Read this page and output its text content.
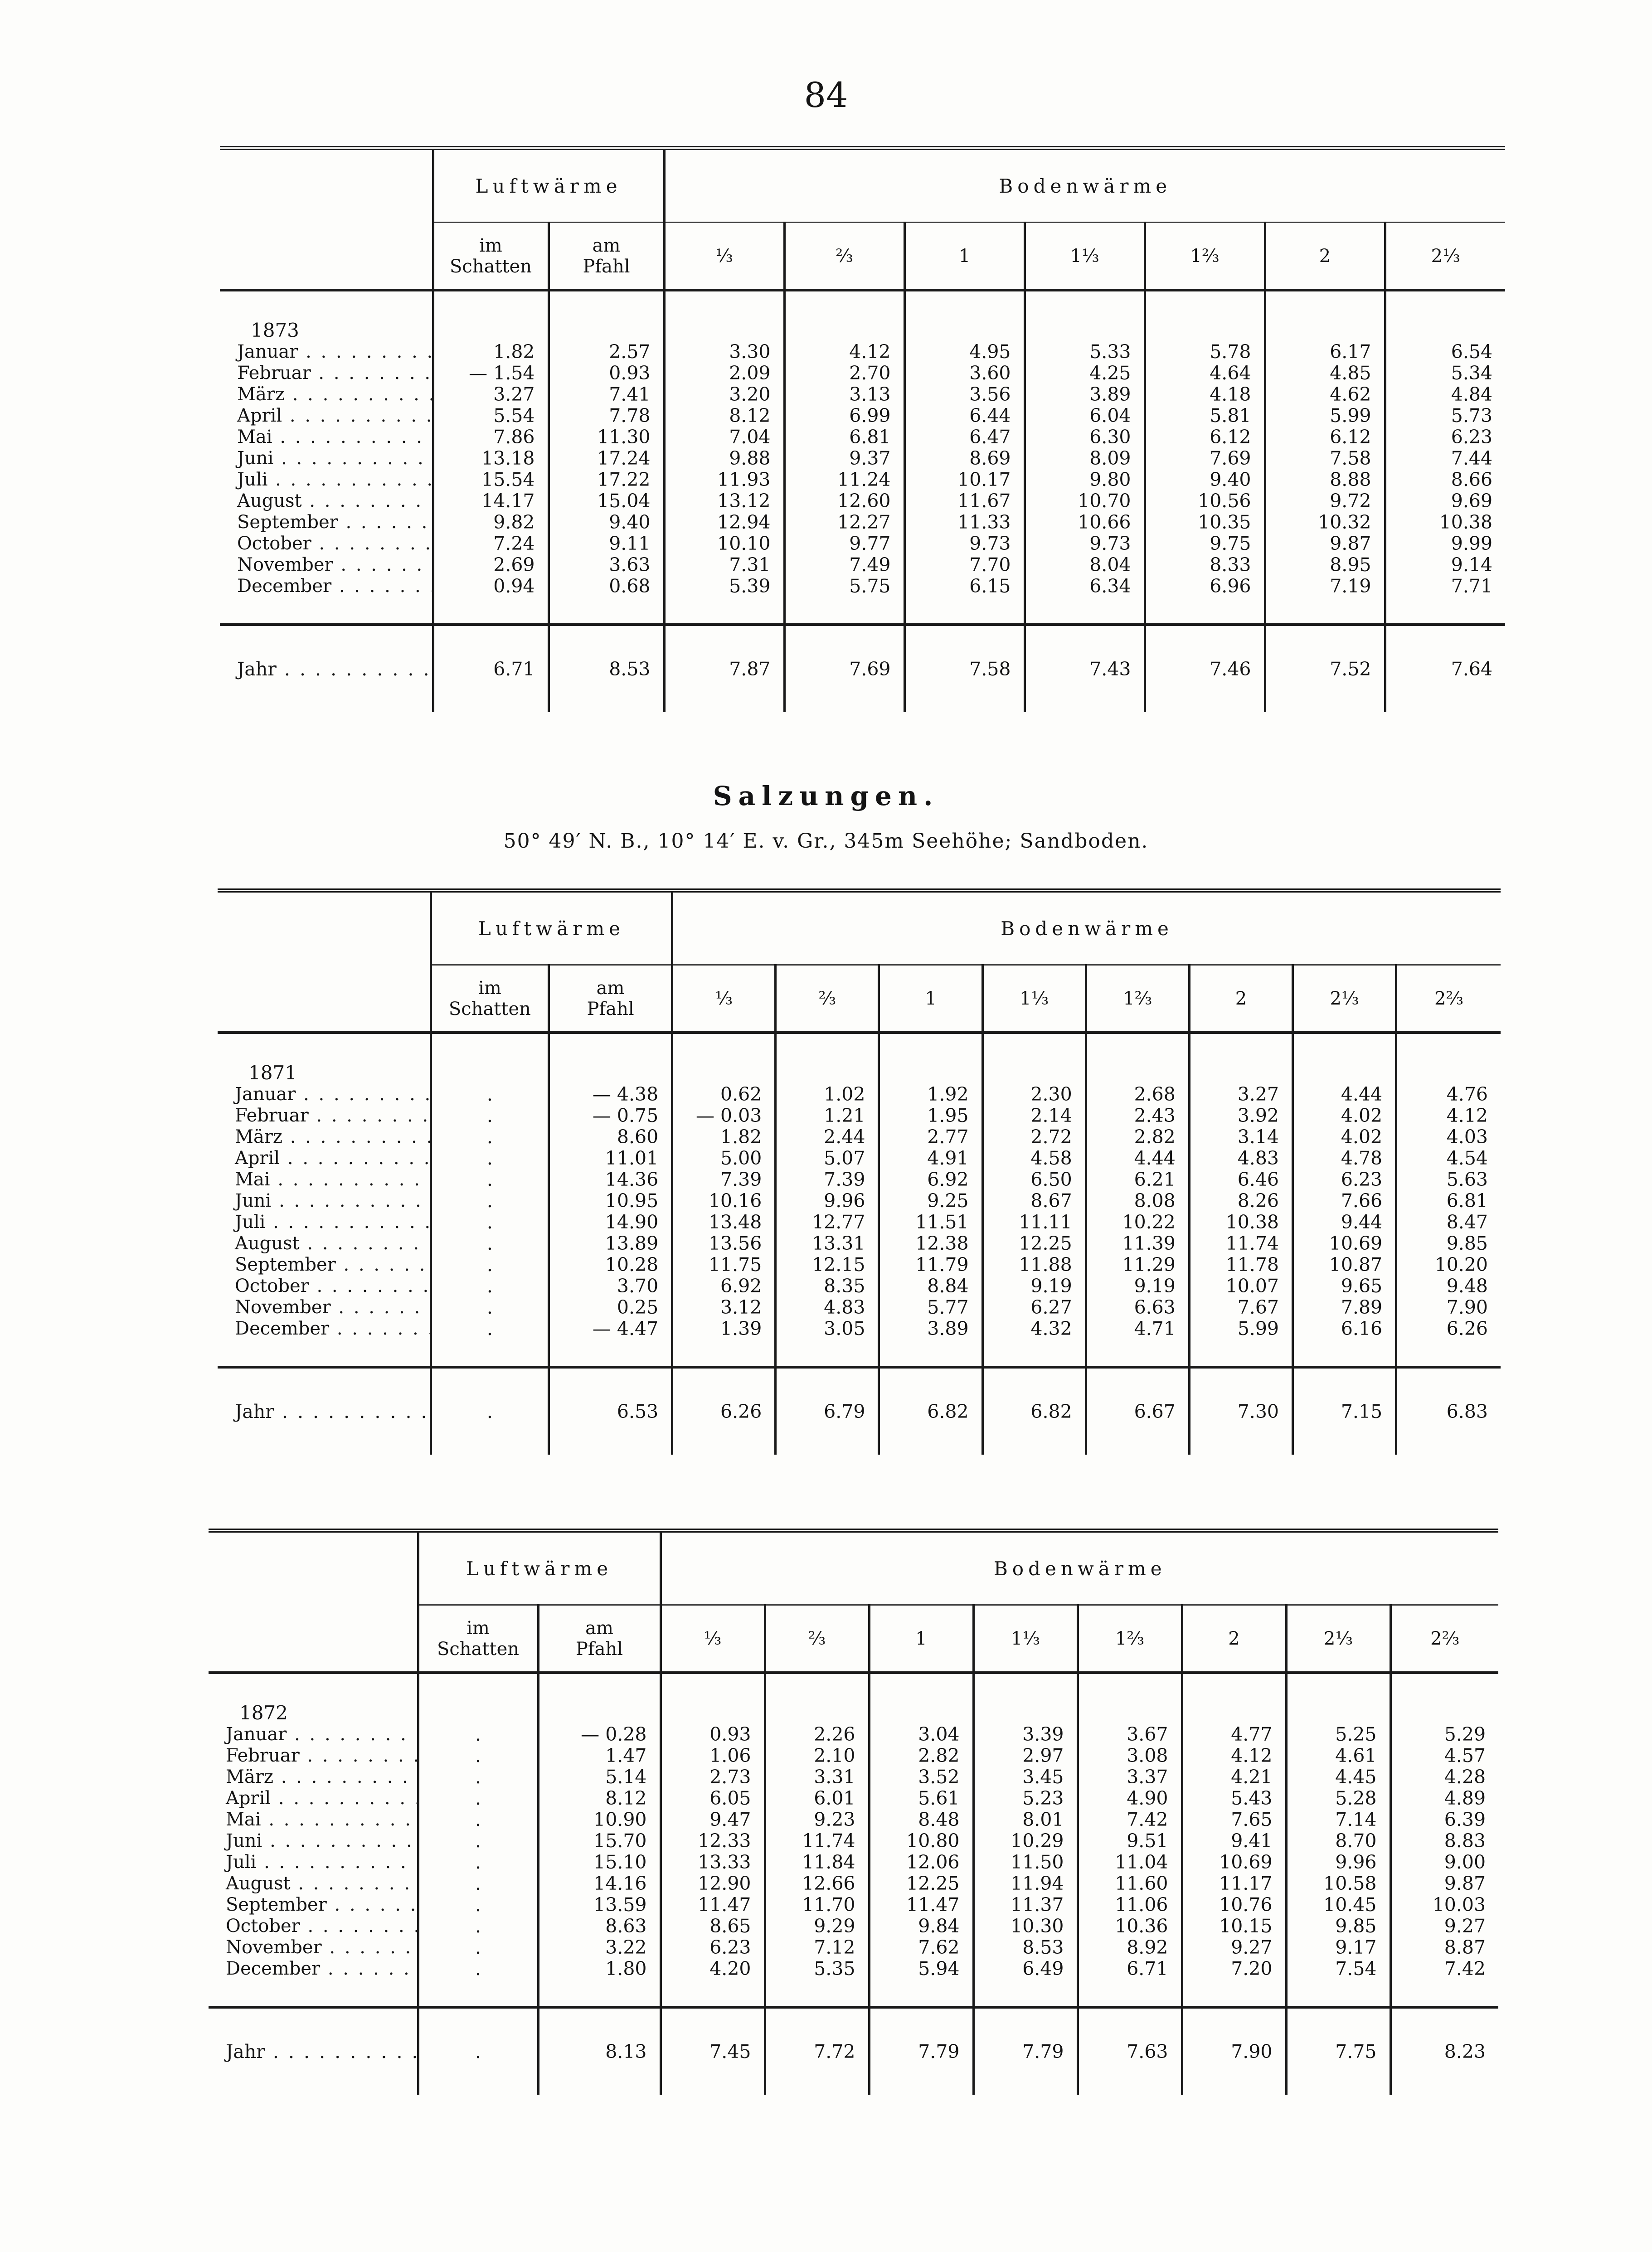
84
	Luftwärme		Bodenwärme						
	im
Schatten	am
Pfahl	⅓	⅔	1	1⅓	1⅔	2	2⅓
1873									
Januar . . .	1.82	2.57	3.30	4.12	4.95	5.33	5.78	6.17	6.54
Februar . . .	— 1.54	0.93	2.09	2.70	3.60	4.25	4.64	4.85	5.34
März . . .	3.27	7.41	3.20	3.13	3.56	3.89	4.18	4.62	4.84
April . . .	5.54	7.78	8.12	6.99	6.44	6.04	5.81	5.99	5.73
Mai . . .	7.86	11.30	7.04	6.81	6.47	6.30	6.12	6.12	6.23
Juni . . .	13.18	17.24	9.88	9.37	8.69	8.09	7.69	7.58	7.44
Juli . . .	15.54	17.22	11.93	11.24	10.17	9.80	9.40	8.88	8.66
August . . .	14.17	15.04	13.12	12.60	11.67	10.70	10.56	9.72	9.69
September . . .	9.82	9.40	12.94	12.27	11.33	10.66	10.35	10.32	10.38
October . . .	7.24	9.11	10.10	9.77	9.73	9.73	9.75	9.87	9.99
November . . .	2.69	3.63	7.31	7.49	7.70	8.04	8.33	8.95	9.14
December . . .	0.94	0.68	5.39	5.75	6.15	6.34	6.96	7.19	7.71

Jahr . . .	6.71	8.53	7.87	7.69	7.58	7.43	7.46	7.52	7.64
Salzungen.
50° 49′ N. B., 10° 14′ E. v. Gr., 345m Seehöhe; Sandboden.
	Luftwärme		Bodenwärme							
	im
Schatten	am
Pfahl	⅓	⅔	1	1⅓	1⅔	2	2⅓	2⅔
1871										
Januar . . .	.	— 4.38	0.62	1.02	1.92	2.30	2.68	3.27	4.44	4.76
Februar . . .	.	— 0.75	— 0.03	1.21	1.95	2.14	2.43	3.92	4.02	4.12
März . . .	.	8.60	1.82	2.44	2.77	2.72	2.82	3.14	4.02	4.03
April . . .	.	11.01	5.00	5.07	4.91	4.58	4.44	4.83	4.78	4.54
Mai . . .	.	14.36	7.39	7.39	6.92	6.50	6.21	6.46	6.23	5.63
Juni . . .	.	10.95	10.16	9.96	9.25	8.67	8.08	8.26	7.66	6.81
Juli . . .	.	14.90	13.48	12.77	11.51	11.11	10.22	10.38	9.44	8.47
August . . .	.	13.89	13.56	13.31	12.38	12.25	11.39	11.74	10.69	9.85
September . . .	.	10.28	11.75	12.15	11.79	11.88	11.29	11.78	10.87	10.20
October . . .	.	3.70	6.92	8.35	8.84	9.19	9.19	10.07	9.65	9.48
November . . .	.	0.25	3.12	4.83	5.77	6.27	6.63	7.67	7.89	7.90
December . . .	.	— 4.47	1.39	3.05	3.89	4.32	4.71	5.99	6.16	6.26

Jahr . . .	.	6.53	6.26	6.79	6.82	6.82	6.67	7.30	7.15	6.83
	Luftwärme		Bodenwärme							
	im
Schatten	am
Pfahl	⅓	⅔	1	1⅓	1⅔	2	2⅓	2⅔
1872										
Januar . . .	.	— 0.28	0.93	2.26	3.04	3.39	3.67	4.77	5.25	5.29
Februar . . .	.	1.47	1.06	2.10	2.82	2.97	3.08	4.12	4.61	4.57
März . . .	.	5.14	2.73	3.31	3.52	3.45	3.37	4.21	4.45	4.28
April . . .	.	8.12	6.05	6.01	5.61	5.23	4.90	5.43	5.28	4.89
Mai . . .	.	10.90	9.47	9.23	8.48	8.01	7.42	7.65	7.14	6.39
Juni . . .	.	15.70	12.33	11.74	10.80	10.29	9.51	9.41	8.70	8.83
Juli . . .	.	15.10	13.33	11.84	12.06	11.50	11.04	10.69	9.96	9.00
August . . .	.	14.16	12.90	12.66	12.25	11.94	11.60	11.17	10.58	9.87
September . . .	.	13.59	11.47	11.70	11.47	11.37	11.06	10.76	10.45	10.03
October . . .	.	8.63	8.65	9.29	9.84	10.30	10.36	10.15	9.85	9.27
November . . .	.	3.22	6.23	7.12	7.62	8.53	8.92	9.27	9.17	8.87
December . . .	.	1.80	4.20	5.35	5.94	6.49	6.71	7.20	7.54	7.42

Jahr . . .	.	8.13	7.45	7.72	7.79	7.79	7.63	7.90	7.75	8.23
